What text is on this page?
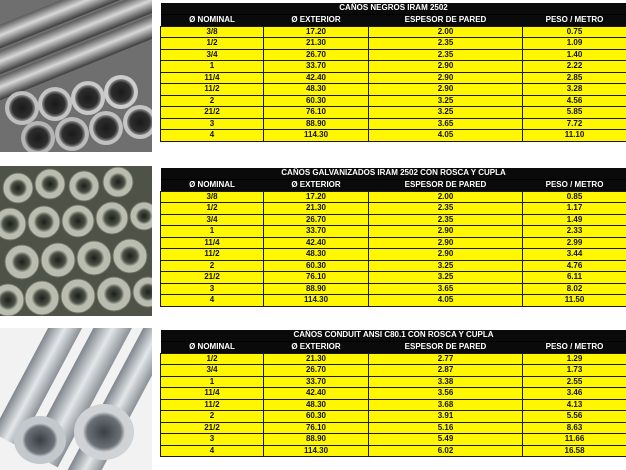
CAÑOS NEGROS IRAM 2502			
Ø NOMINAL	Ø EXTERIOR	ESPESOR DE PARED	PESO / METRO
3/8	17.20	2.00	0.75
1/2	21.30	2.35	1.09
3/4	26.70	2.35	1.40
1	33.70	2.90	2.22
11/4	42.40	2.90	2.85
11/2	48.30	2.90	3.28
2	60.30	3.25	4.56
21/2	76.10	3.25	5.85
3	88.90	3.65	7.72
4	114.30	4.05	11.10
CAÑOS GALVANIZADOS IRAM 2502 CON ROSCA Y CUPLA			
Ø NOMINAL	Ø EXTERIOR	ESPESOR DE PARED	PESO / METRO
3/8	17.20	2.00	0.85
1/2	21.30	2.35	1.17
3/4	26.70	2.35	1.49
1	33.70	2.90	2.33
11/4	42.40	2.90	2.99
11/2	48.30	2.90	3.44
2	60.30	3.25	4.76
21/2	76.10	3.25	6.11
3	88.90	3.65	8.02
4	114.30	4.05	11.50
CAÑOS CONDUIT ANSI C80.1 CON ROSCA Y CUPLA			
Ø NOMINAL	Ø EXTERIOR	ESPESOR DE PARED	PESO / METRO
1/2	21.30	2.77	1.29
3/4	26.70	2.87	1.73
1	33.70	3.38	2.55
11/4	42.40	3.56	3.46
11/2	48.30	3.68	4.13
2	60.30	3.91	5.56
21/2	76.10	5.16	8.63
3	88.90	5.49	11.66
4	114.30	6.02	16.58
